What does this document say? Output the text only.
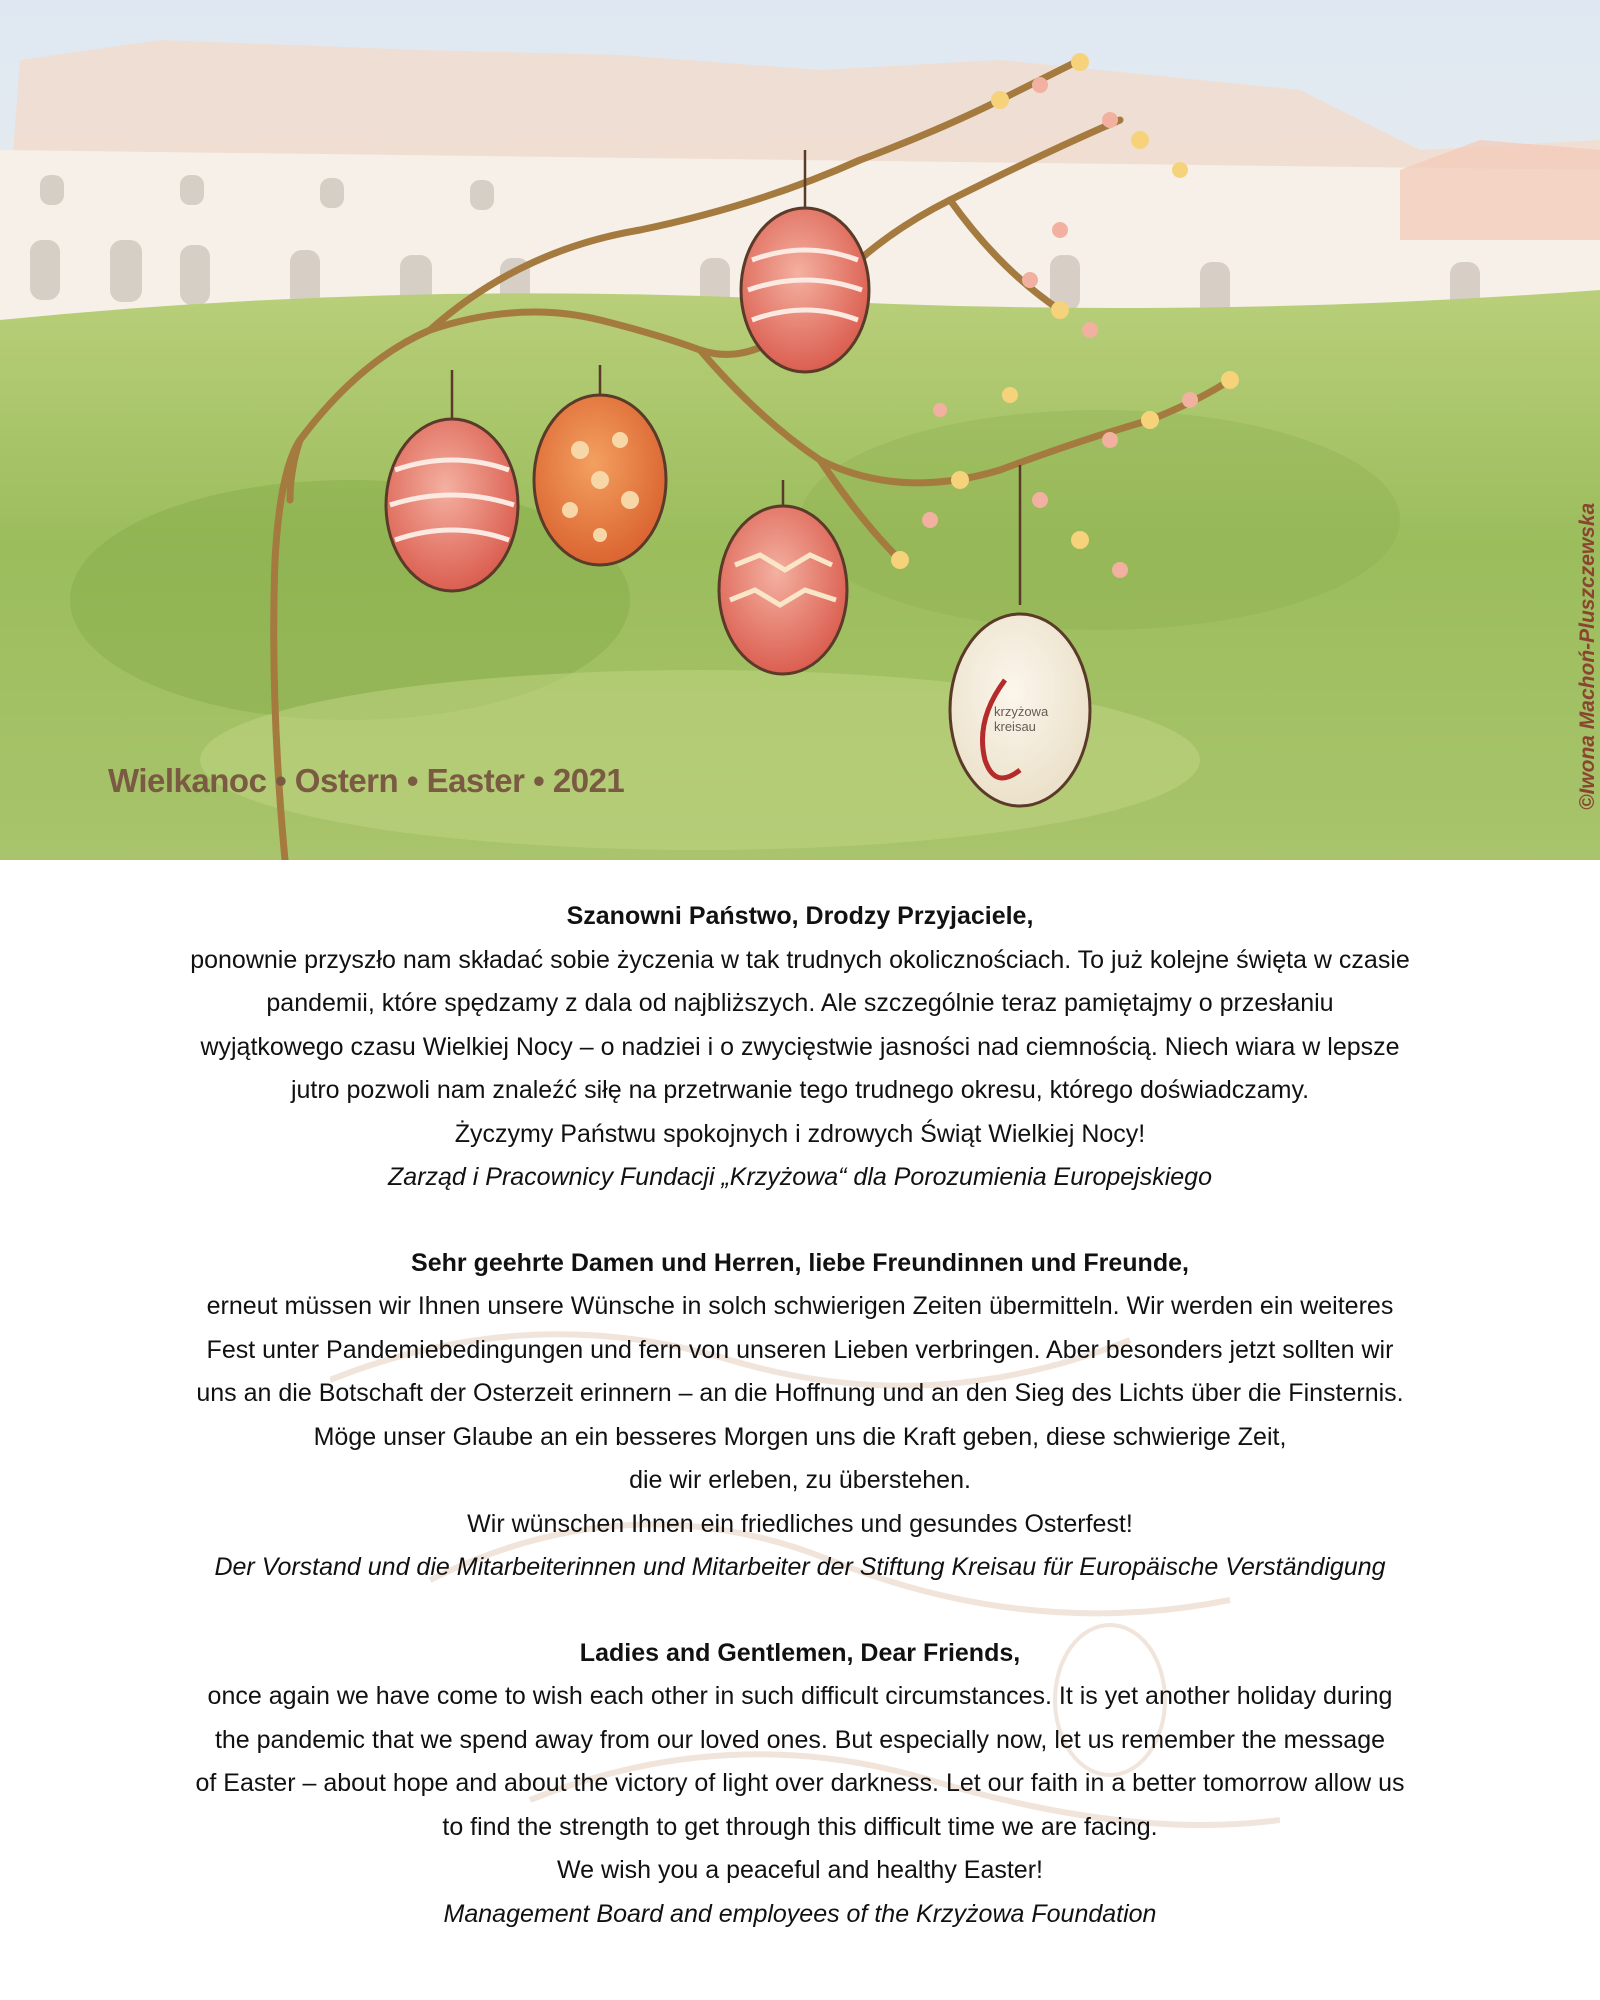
krzyżowa
kreisau
Wielkanoc • Ostern • Easter • 2021	©Iwona Machoń-Pluszczewska
Szanowni Państwo, Drodzy Przyjaciele,
ponownie przyszło nam składać sobie życzenia w tak trudnych okolicznościach. To już kolejne święta w czasie
pandemii, które spędzamy z dala od najbliższych. Ale szczególnie teraz pamiętajmy o przesłaniu
wyjątkowego czasu Wielkiej Nocy – o nadziei i o zwycięstwie jasności nad ciemnością. Niech wiara w lepsze
jutro pozwoli nam znaleźć siłę na przetrwanie tego trudnego okresu, którego doświadczamy.
Życzymy Państwu spokojnych i zdrowych Świąt Wielkiej Nocy!
Zarząd i Pracownicy Fundacji „Krzyżowa“ dla Porozumienia Europejskiego
Sehr geehrte Damen und Herren, liebe Freundinnen und Freunde,
erneut müssen wir Ihnen unsere Wünsche in solch schwierigen Zeiten übermitteln. Wir werden ein weiteres
Fest unter Pandemiebedingungen und fern von unseren Lieben verbringen. Aber besonders jetzt sollten wir
uns an die Botschaft der Osterzeit erinnern – an die Hoffnung und an den Sieg des Lichts über die Finsternis.
Möge unser Glaube an ein besseres Morgen uns die Kraft geben, diese schwierige Zeit,
die wir erleben, zu überstehen.
Wir wünschen Ihnen ein friedliches und gesundes Osterfest!
Der Vorstand und die Mitarbeiterinnen und Mitarbeiter der Stiftung Kreisau für Europäische Verständigung
Ladies and Gentlemen, Dear Friends,
once again we have come to wish each other in such difficult circumstances. It is yet another holiday during
the pandemic that we spend away from our loved ones. But especially now, let us remember the message
of Easter – about hope and about the victory of light over darkness. Let our faith in a better tomorrow allow us
to find the strength to get through this difficult time we are facing.
We wish you a peaceful and healthy Easter!
Management Board and employees of the Krzyżowa Foundation
